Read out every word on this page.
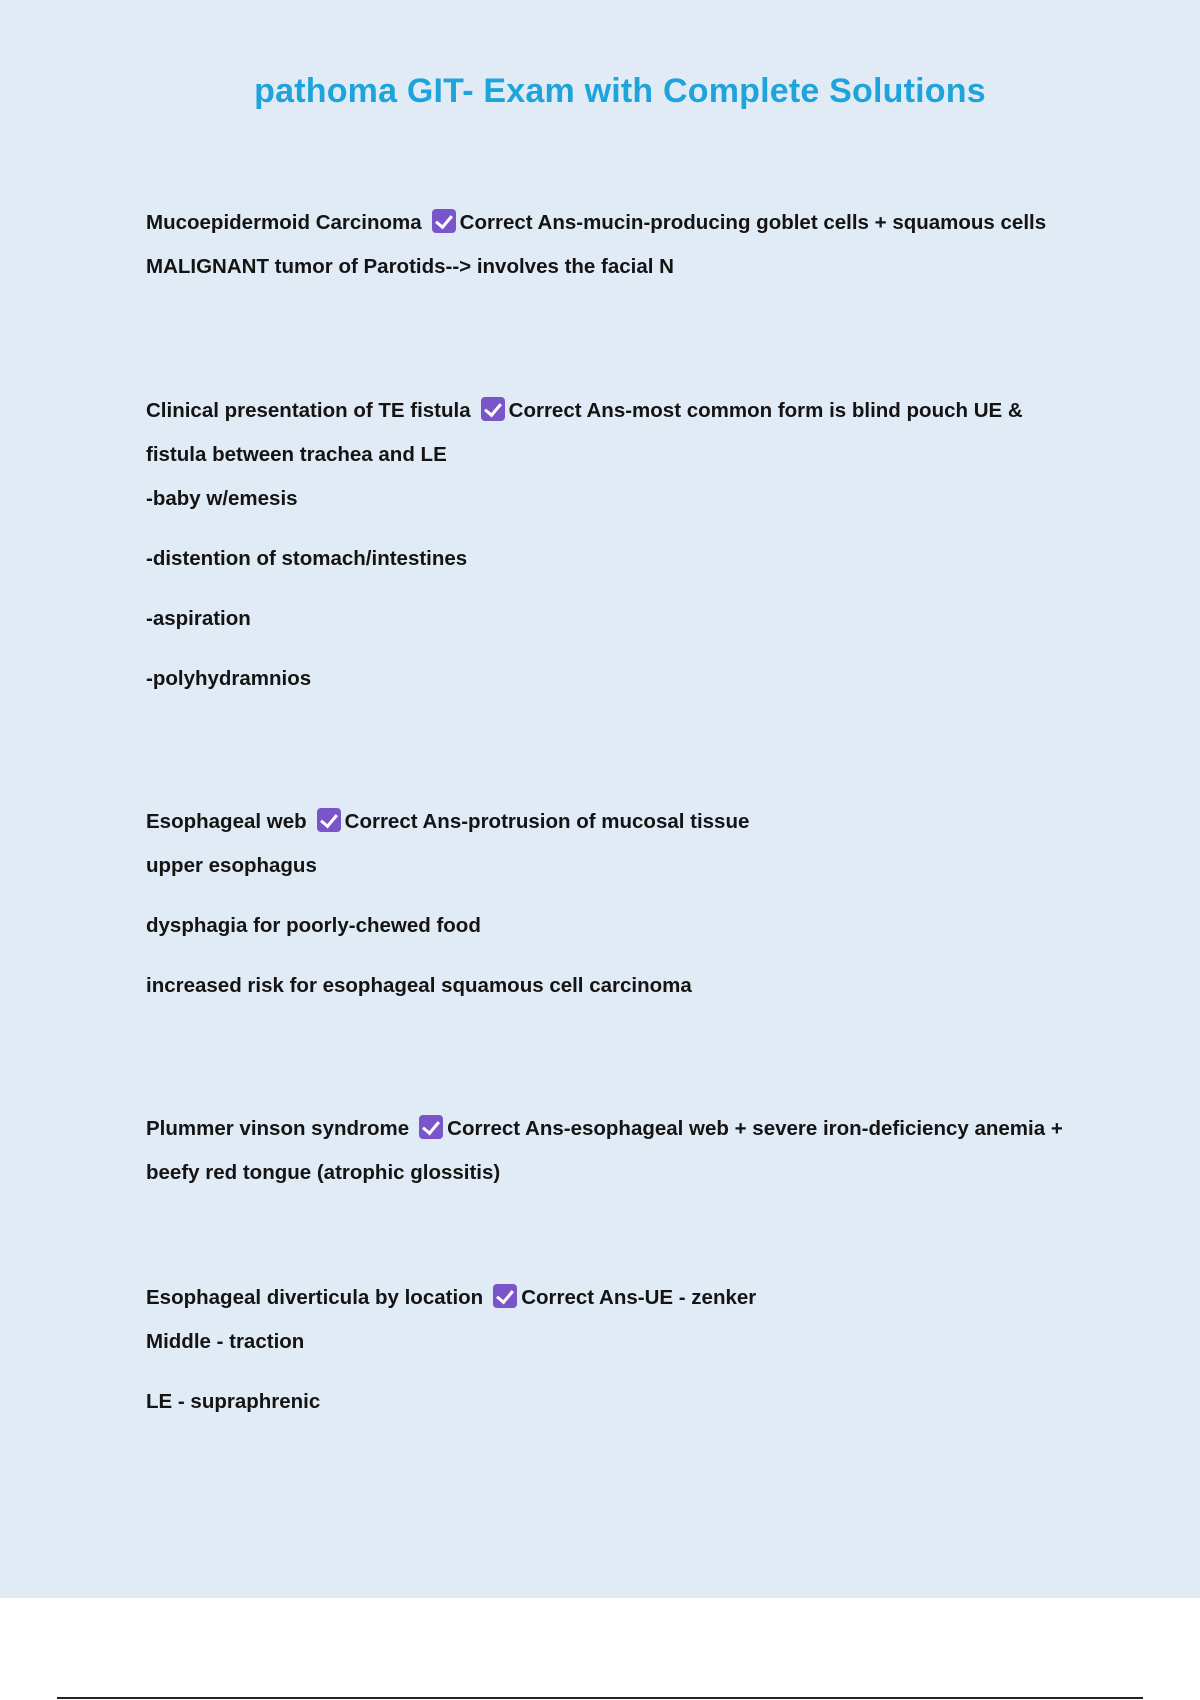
pathoma GIT- Exam with Complete Solutions
Mucoepidermoid Carcinoma Correct Ans-mucin-producing goblet cells + squamous cells
MALIGNANT tumor of Parotids--> involves the facial N
Clinical presentation of TE fistula Correct Ans-most common form is blind pouch UE & fistula between trachea and LE
-baby w/emesis
-distention of stomach/intestines
-aspiration
-polyhydramnios
Esophageal web Correct Ans-protrusion of mucosal tissue
upper esophagus
dysphagia for poorly-chewed food
increased risk for esophageal squamous cell carcinoma
Plummer vinson syndrome Correct Ans-esophageal web + severe iron-deficiency anemia + beefy red tongue (atrophic glossitis)
Esophageal diverticula by location Correct Ans-UE - zenker
Middle - traction
LE - supraphrenic
